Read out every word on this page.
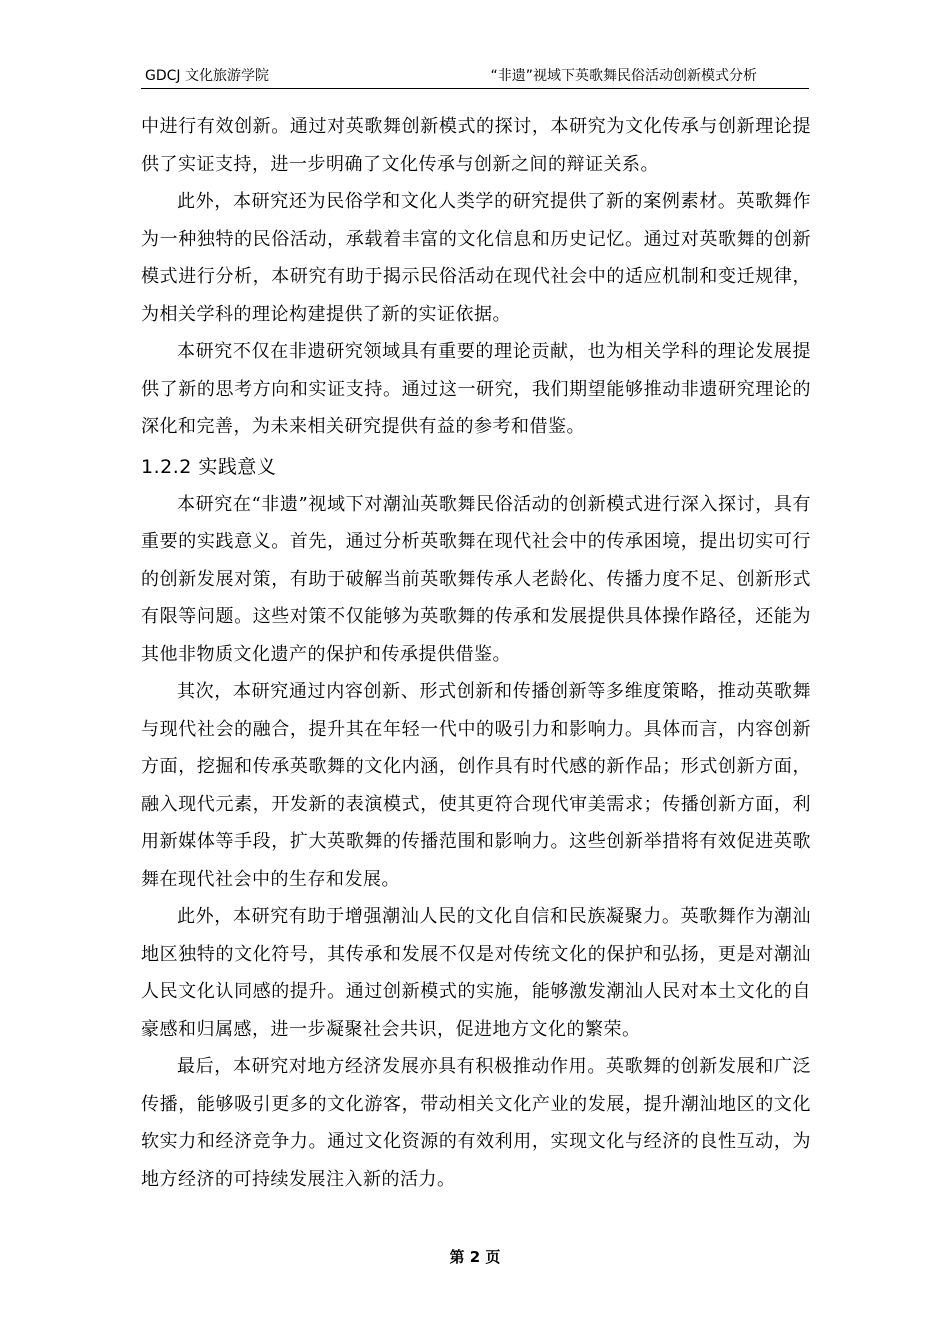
GDCJ 文化旅游学院	“非遗”视域下英歌舞民俗活动创新模式分析

中进行有效创新。通过对英歌舞创新模式的探讨，本研究为文化传承与创新理论提供了实证支持，进一步明确了文化传承与创新之间的辩证关系。

此外，本研究还为民俗学和文化人类学的研究提供了新的案例素材。英歌舞作为一种独特的民俗活动，承载着丰富的文化信息和历史记忆。通过对英歌舞的创新模式进行分析，本研究有助于揭示民俗活动在现代社会中的适应机制和变迁规律，为相关学科的理论构建提供了新的实证依据。

本研究不仅在非遗研究领域具有重要的理论贡献，也为相关学科的理论发展提供了新的思考方向和实证支持。通过这一研究，我们期望能够推动非遗研究理论的深化和完善，为未来相关研究提供有益的参考和借鉴。

1.2.2 实践意义

本研究在“非遗”视域下对潮汕英歌舞民俗活动的创新模式进行深入探讨，具有重要的实践意义。首先，通过分析英歌舞在现代社会中的传承困境，提出切实可行的创新发展对策，有助于破解当前英歌舞传承人老龄化、传播力度不足、创新形式有限等问题。这些对策不仅能够为英歌舞的传承和发展提供具体操作路径，还能为其他非物质文化遗产的保护和传承提供借鉴。

其次，本研究通过内容创新、形式创新和传播创新等多维度策略，推动英歌舞与现代社会的融合，提升其在年轻一代中的吸引力和影响力。具体而言，内容创新方面，挖掘和传承英歌舞的文化内涵，创作具有时代感的新作品；形式创新方面，融入现代元素，开发新的表演模式，使其更符合现代审美需求；传播创新方面，利用新媒体等手段，扩大英歌舞的传播范围和影响力。这些创新举措将有效促进英歌舞在现代社会中的生存和发展。

此外，本研究有助于增强潮汕人民的文化自信和民族凝聚力。英歌舞作为潮汕地区独特的文化符号，其传承和发展不仅是对传统文化的保护和弘扬，更是对潮汕人民文化认同感的提升。通过创新模式的实施，能够激发潮汕人民对本土文化的自豪感和归属感，进一步凝聚社会共识，促进地方文化的繁荣。

最后，本研究对地方经济发展亦具有积极推动作用。英歌舞的创新发展和广泛传播，能够吸引更多的文化游客，带动相关文化产业的发展，提升潮汕地区的文化软实力和经济竞争力。通过文化资源的有效利用，实现文化与经济的良性互动，为地方经济的可持续发展注入新的活力。

第 2 页
